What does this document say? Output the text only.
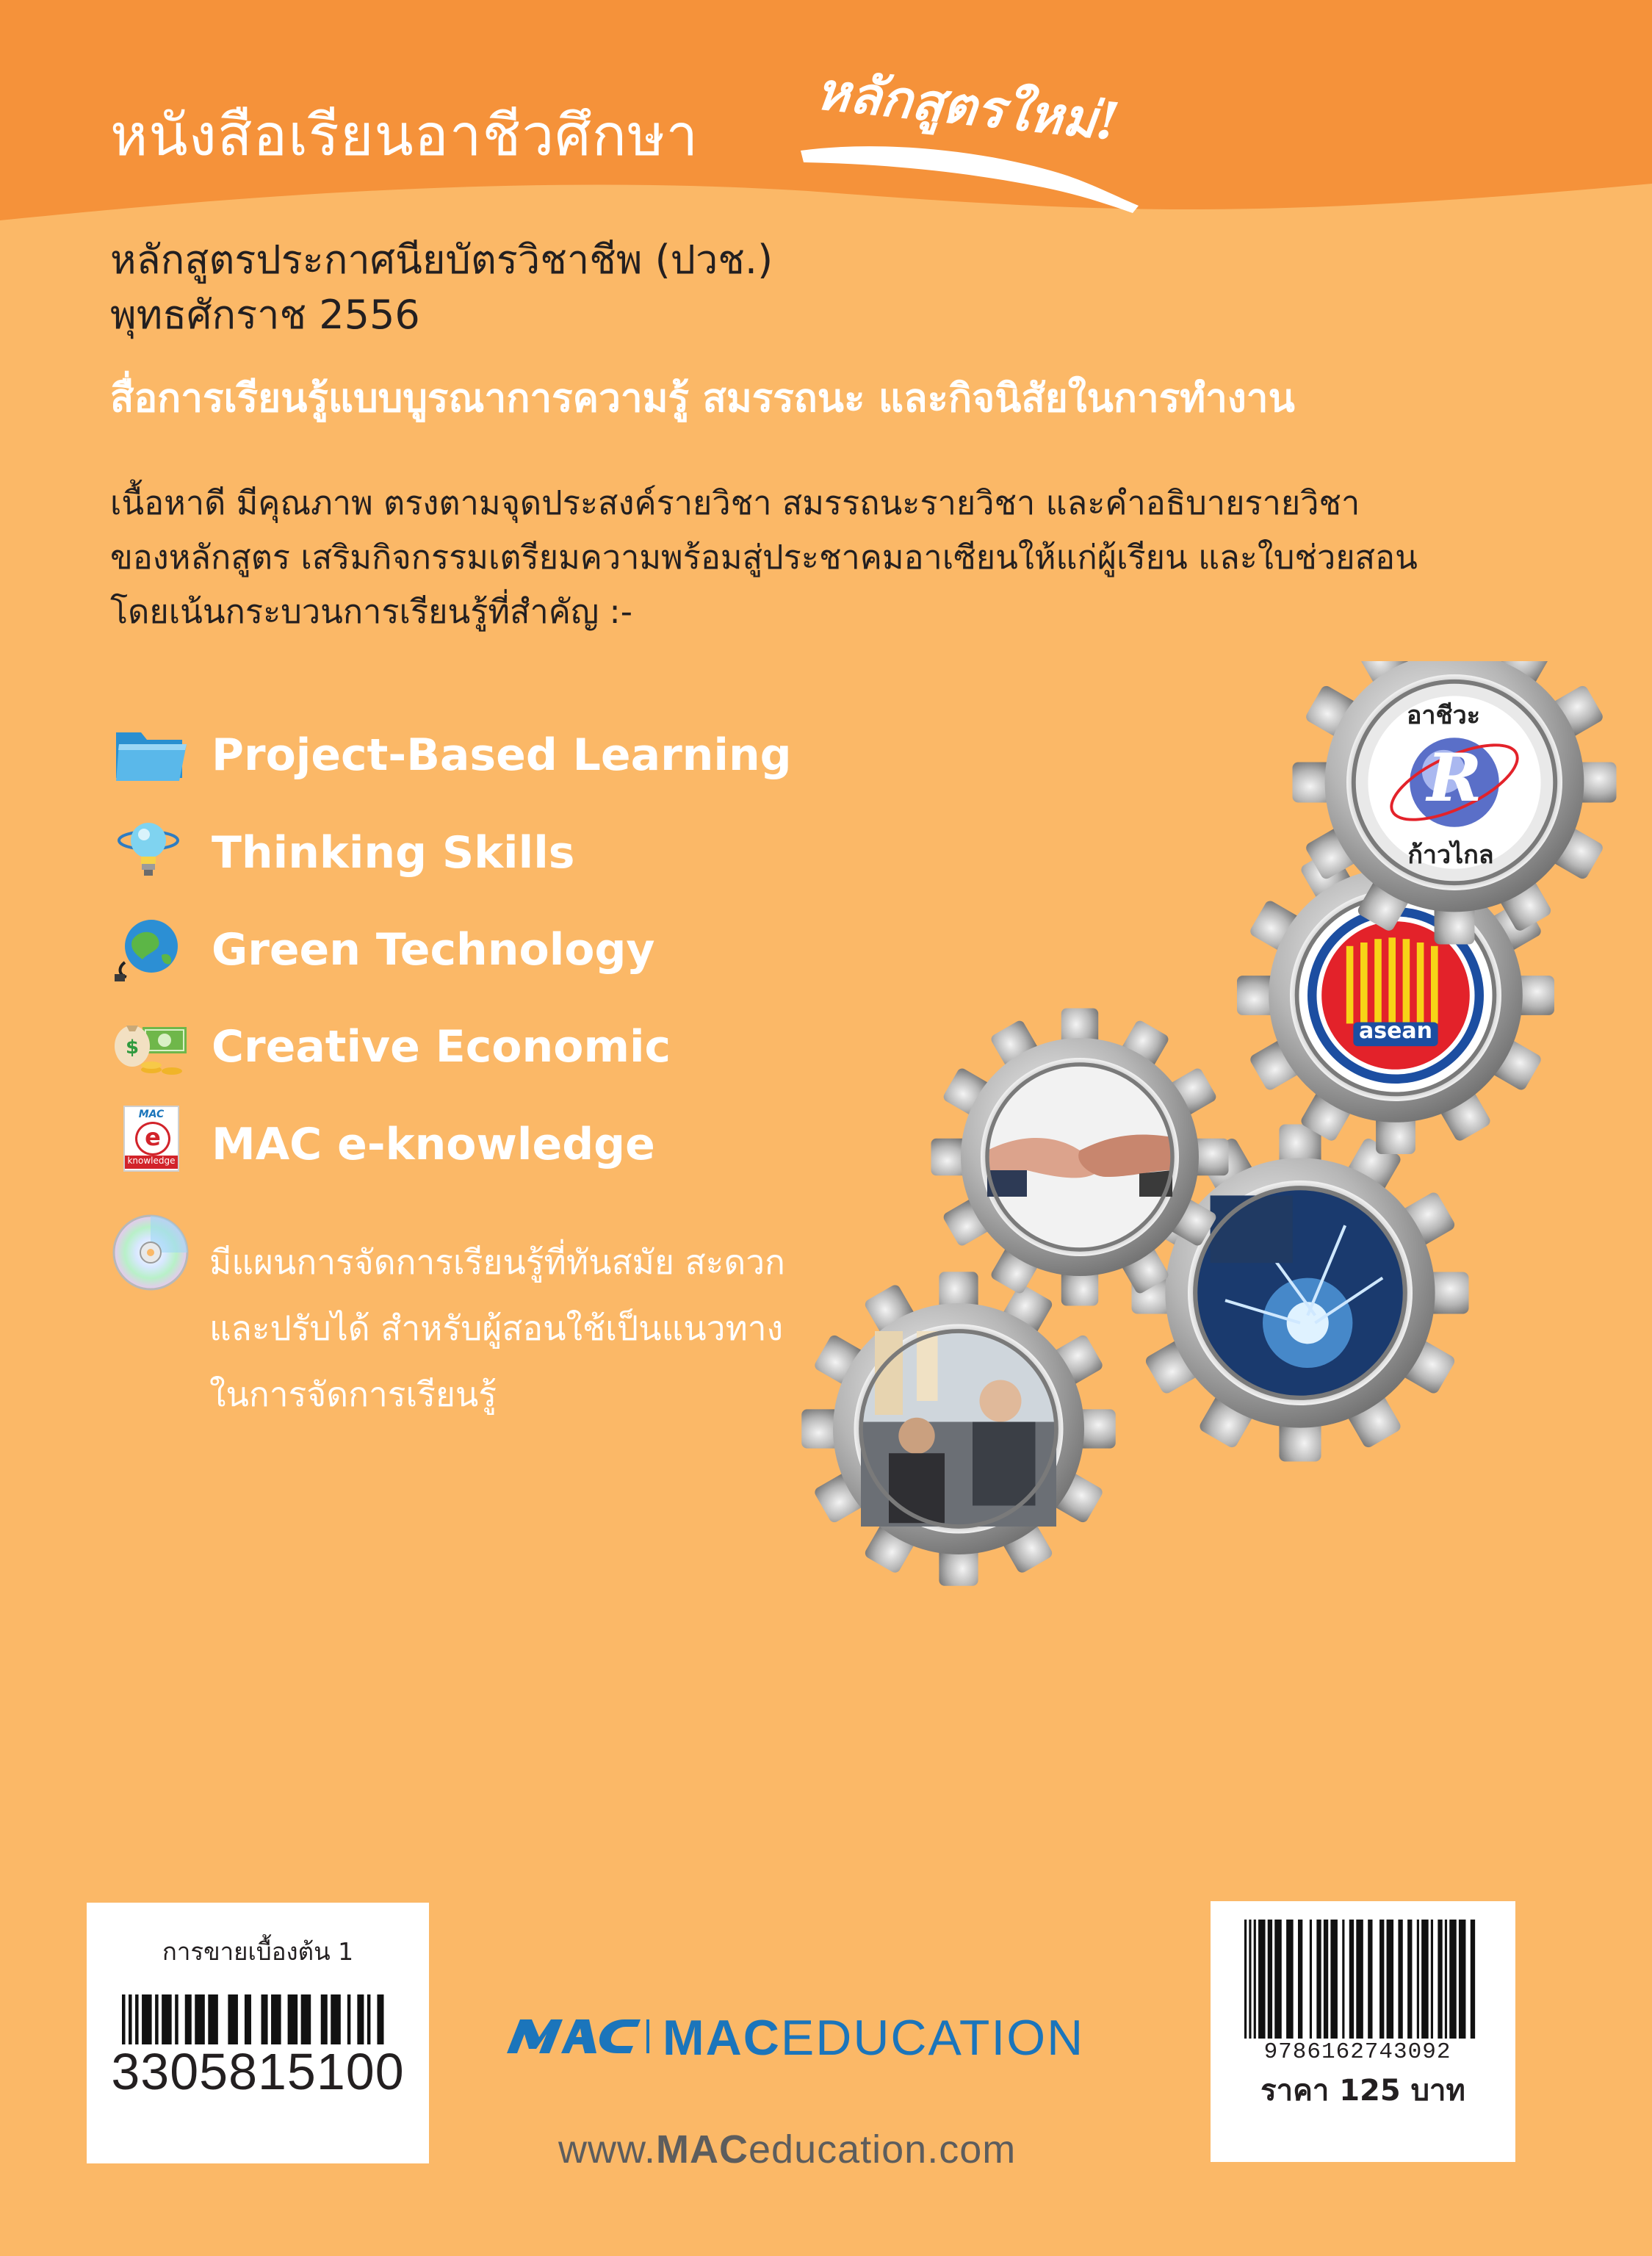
หนังสือเรียนอาชีวศึกษา หลักสูตรใหม่!
หลักสูตรประกาศนียบัตรวิชาชีพ (ปวช.)
พุทธศักราช 2556
สื่อการเรียนรู้แบบบูรณาการความรู้ สมรรถนะ และกิจนิสัยในการทำงาน
เนื้อหาดี มีคุณภาพ ตรงตามจุดประสงค์รายวิชา สมรรถนะรายวิชา และคำอธิบายรายวิชา
ของหลักสูตร เสริมกิจกรรมเตรียมความพร้อมสู่ประชาคมอาเซียนให้แก่ผู้เรียน และใบช่วยสอน
โดยเน้นกระบวนการเรียนรู้ที่สำคัญ :-
Project-Based Learning
Thinking Skills
Green Technology
$ Creative Economic
MAC
e
knowledge MAC e-knowledge
มีแผนการจัดการเรียนรู้ที่ทันสมัย สะดวก
และปรับได้ สำหรับผู้สอนใช้เป็นแนวทาง
ในการจัดการเรียนรู้
asean
R
อาชีวะ
ก้าวไกล
การขายเบื้องต้น 1
3305815100
MACEDUCATION
www.MACeducation.com
9786162743092
ราคา 125 บาท
